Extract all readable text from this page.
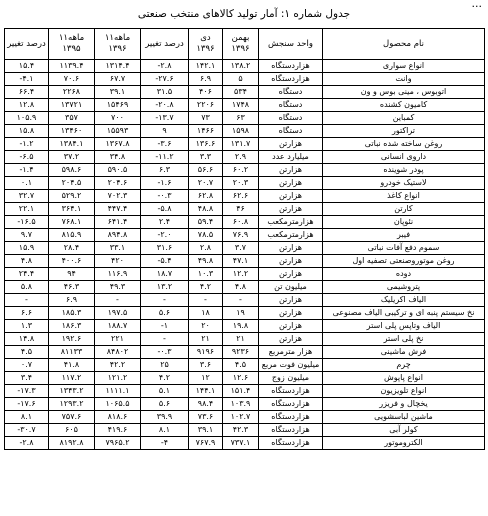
...
جدول شماره ۱: آمار تولید کالاهای منتخب صنعتی
درصد تغییر	۱۱ماهه ۱۳۹۵	۱۱ماهه ۱۳۹۶	درصد تغییر	دی ۱۳۹۶	بهمن ۱۳۹۶	واحد سنجش	نام محصول
۱۵.۴	۱۱۳۹.۴	۱۳۱۴.۴	-۲.۸	۱۴۲.۱	۱۳۸.۲	هزاردستگاه	انواع سواری
-۴.۱	۷۰.۶	۶۷.۷	-۲۷.۶	۶.۹	۵	هزاردستگاه	وانت
۶۶.۴	۲۲۶۸	۳۹.۱	۳۱.۵	۴۰۶	۵۳۴	دستگاه	اتوبوس ، مینی بوس و ون
۱۲.۸	۱۳۷۲۱	۱۵۴۶۹	-۲۰.۸	۲۲۰۶	۱۷۴۸	دستگاه	کامیون کشنده
۱۰۵.۹	۳۵۷	۷۰۰	-۱۳.۷	۷۳	۶۳	دستگاه	کمباین
۱۵.۸	۱۳۴۶۰	۱۵۵۹۳	۹	۱۴۶۶	۱۵۹۸	دستگاه	تراکتور
-۱.۲	۱۳۸۴.۱	۱۳۶۷.۸	-۳.۶	۱۳۶.۶	۱۳۱.۷	هزارتن	روغن ساخته شده نباتی
-۶.۵	۳۷.۲	۳۴.۸	-۱۱.۲	۳.۳	۲.۹	میلیارد عدد	داروی انسانی
-۱.۴	۵۹۸.۶	۵۹۰.۵	۶.۳	۵۶.۶	۶۰.۲	هزارتن	پودر شوینده
۰.۱	۲۰۴.۵	۲۰۴.۶	-۱.۶	۲۰.۷	۲۰.۳	هزارتن	لاستیک خودرو
۳۲.۷	۵۲۹.۲	۷۰۲.۳	-۰.۳	۶۲.۸	۶۲.۶	هزارتن	انواع کاغذ
۲۲.۱	۳۶۴.۱	۴۴۷.۴	-۵.۸	۴۸.۸	۴۶	هزارتن	کارتن
-۱۶.۵	۷۶۸.۱	۶۴۱.۴	۲.۴	۵۹.۴	۶۰.۸	هزارمترمکعب	نئوپان
۹.۷	۸۱۵.۹	۸۹۴.۸	-۲.۰	۷۸.۵	۷۶.۹	هزارمترمکعب	فیبر
۱۵.۹	۲۸.۴	۳۳.۱	۳۱.۶	۲.۸	۳.۷	هزارتن	سموم دفع آفات نباتی
۴.۸	۴۰۰.۶	۴۲۰	-۵.۴	۴۹.۸	۴۷.۱	هزارتن	روغن موتوروصنعتی تصفیه اول
۲۴.۴	۹۴	۱۱۶.۹	۱۸.۷	۱۰.۳	۱۲.۲	هزارتن	دوده
۵.۸	۴۶.۳	۴۹.۳	۱۳.۲	۴.۲	۴.۸	میلیون تن	پتروشیمی
-	۶.۹	-	-	-	-	هزارتن	الیاف اکریلیک
۶.۶	۱۸۵.۳	۱۹۷.۵	۵.۶	۱۸	۱۹	هزارتن	نخ سیستم پنبه ای و ترکیبی الیاف مصنوعی
۱.۳	۱۸۶.۳	۱۸۸.۷	-۱	۲۰	۱۹.۸	هزارتن	الیاف وتاپس پلی استر
۱۴.۸	۱۹۲.۶	۲۲۱	-	۲۱	۲۱	هزارتن	نخ پلی استر
۴.۵	۸۱۱۳۳	۸۴۸۰۲	-۰.۳	۹۱۹۶	۹۲۳۶	هزار مترمربع	فرش ماشینی
۰.۷	۴۱.۸	۴۲.۲	۲۵	۳.۶	۴.۵	میلیون فوت مربع	چرم
۳.۴	۱۱۷.۲	۱۲۱.۲	۴.۲	۱۲	۱۲.۶	میلیون زوج	انواع پاپوش
-۱۷.۳	۱۳۴۳.۲	۱۱۱۱.۱	۵.۱	۱۴۴.۱	۱۵۱.۴	هزاردستگاه	انواع تلویزیون
-۱۷.۶	۱۲۹۳.۲	۱۰۶۵.۵	۵.۶	۹۸.۴	۱۰۳.۹	هزاردستگاه	یخچال و فریزر
۸.۱	۷۵۷.۶	۸۱۸.۶	۳۹.۹	۷۳.۶	۱۰۲.۷	هزاردستگاه	ماشین لباسشویی
-۳۰.۷	۶۰۵	۴۱۹.۶	۸.۱	۳۹.۱	۴۲.۳	هزاردستگاه	کولر آبی
-۲.۸	۸۱۹۲.۸	۷۹۶۵.۲	-۴	۷۶۷.۹	۷۳۷.۱	هزاردستگاه	الکتروموتور
